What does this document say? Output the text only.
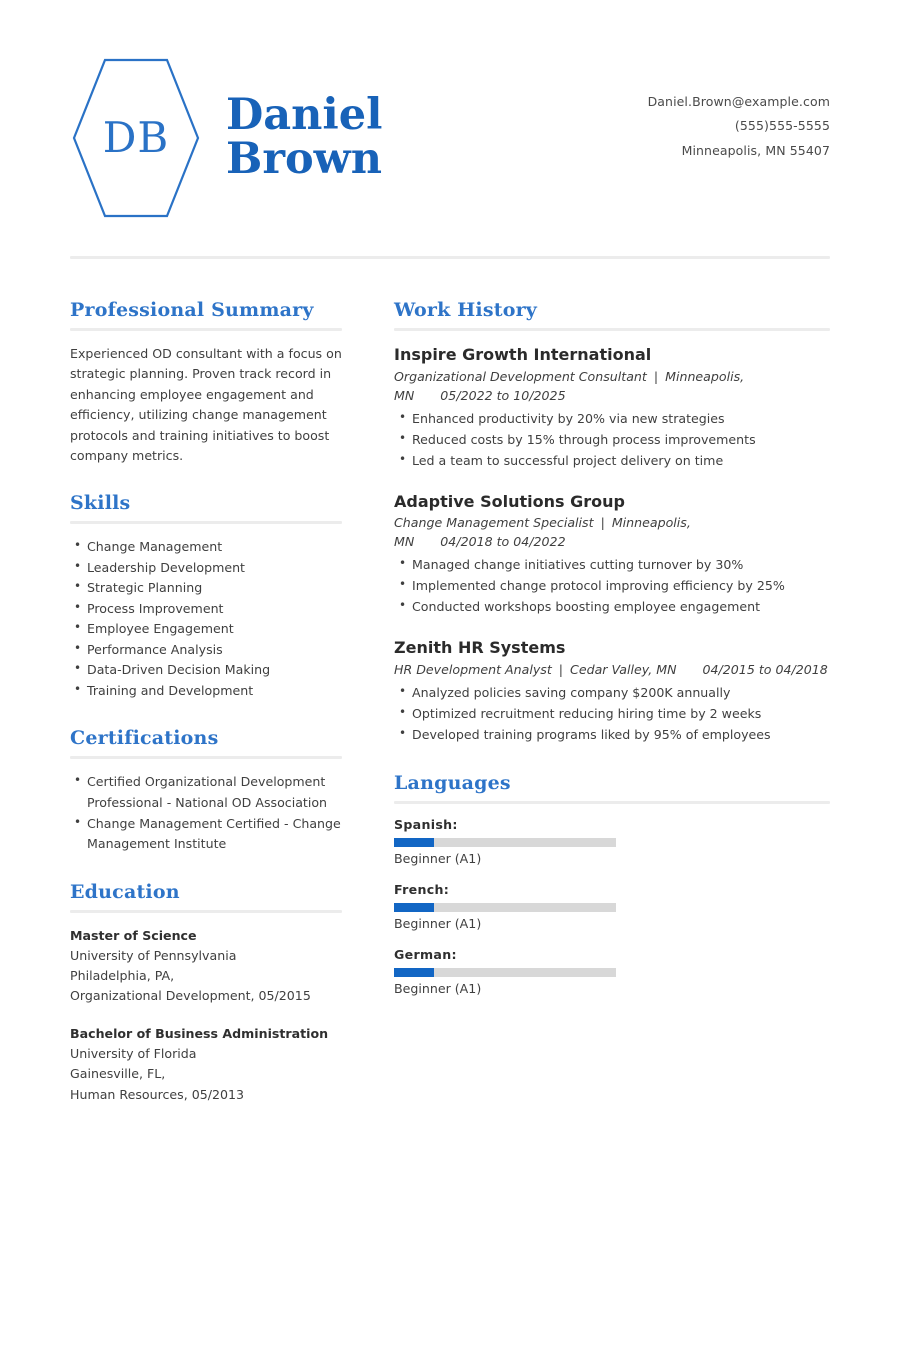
DB Daniel
Brown
Daniel.Brown@example.com
(555)555-5555
Minneapolis, MN 55407
Professional Summary
Experienced OD consultant with a focus on strategic planning. Proven track record in enhancing employee engagement and efficiency, utilizing change management protocols and training initiatives to boost company metrics.
Skills
• Change Management
• Leadership Development
• Strategic Planning
• Process Improvement
• Employee Engagement
• Performance Analysis
• Data-Driven Decision Making
• Training and Development
Certifications
• Certified Organizational Development Professional - National OD Association
• Change Management Certified - Change Management Institute
Education
Master of Science
University of Pennsylvania
Philadelphia, PA,
Organizational Development, 05/2015
Bachelor of Business Administration
University of Florida
Gainesville, FL,
Human Resources, 05/2013
Work History
Inspire Growth International
Organizational Development Consultant | Minneapolis, MN 05/2022 to 10/2025
• Enhanced productivity by 20% via new strategies
• Reduced costs by 15% through process improvements
• Led a team to successful project delivery on time
Adaptive Solutions Group
Change Management Specialist | Minneapolis, MN 04/2018 to 04/2022
• Managed change initiatives cutting turnover by 30%
• Implemented change protocol improving efficiency by 25%
• Conducted workshops boosting employee engagement
Zenith HR Systems
HR Development Analyst | Cedar Valley, MN 04/2015 to 04/2018
• Analyzed policies saving company $200K annually
• Optimized recruitment reducing hiring time by 2 weeks
• Developed training programs liked by 95% of employees
Languages
Spanish:
Beginner (A1)
French:
Beginner (A1)
German:
Beginner (A1)
